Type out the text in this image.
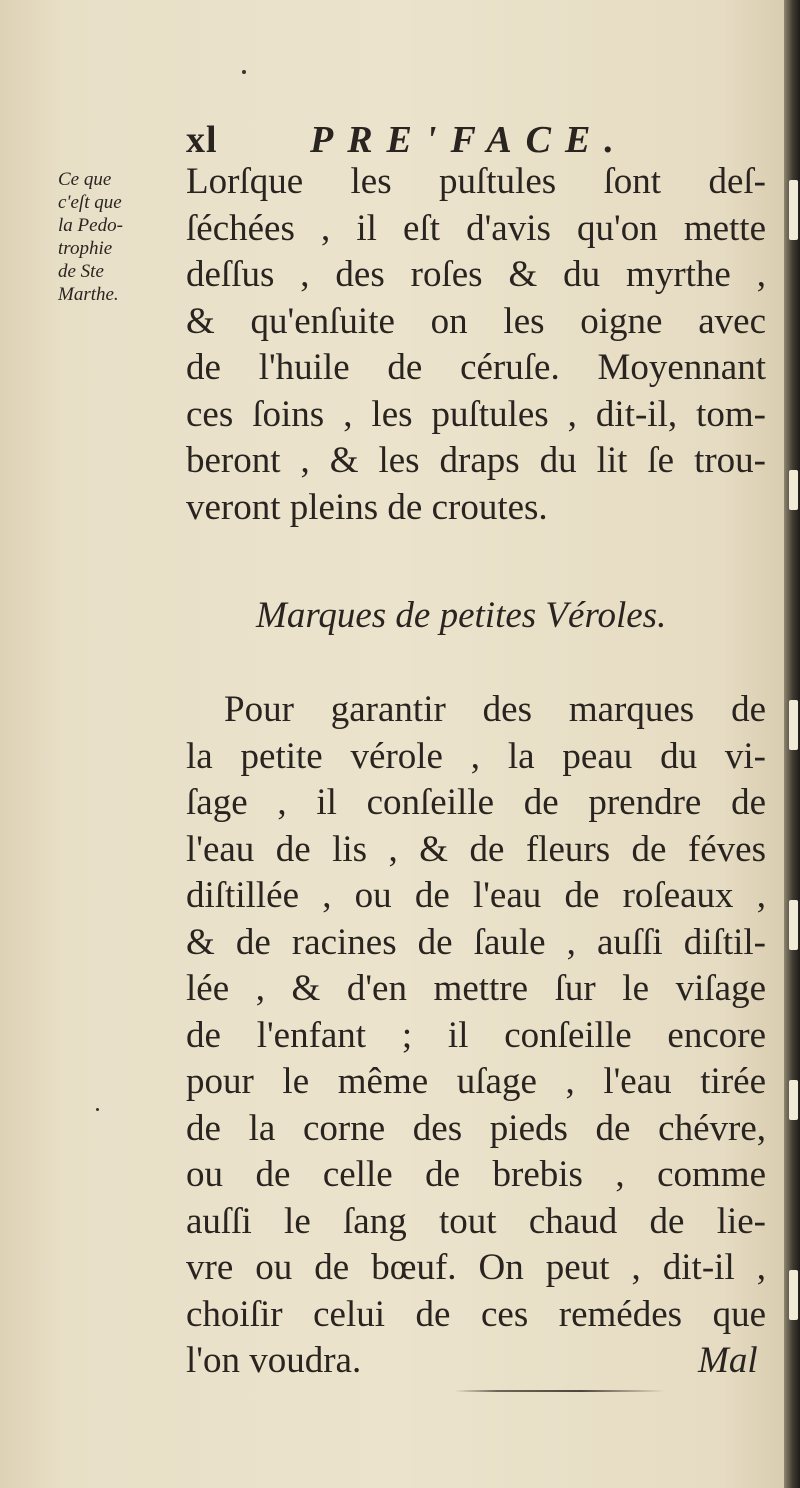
xl PRE'FACE.
Ce que
c'eſt que
la Pedo-
trophie
de Ste
Marthe.
Lorſque les puſtules ſont deſ-
ſéchées , il eſt d'avis qu'on mette
deſſus , des roſes & du myrthe ,
& qu'enſuite on les oigne avec
de l'huile de céruſe. Moyennant
ces ſoins , les puſtules , dit-il, tom-
beront , & les draps du lit ſe trou-
veront pleins de croutes.
Marques de petites Véroles.
Pour garantir des marques de
la petite vérole , la peau du vi-
ſage , il conſeille de prendre de
l'eau de lis , & de fleurs de féves
diſtillée , ou de l'eau de roſeaux ,
& de racines de ſaule , auſſi diſtil-
lée , & d'en mettre ſur le viſage
de l'enfant ; il conſeille encore
pour le même uſage , l'eau tirée
de la corne des pieds de chévre,
ou de celle de brebis , comme
auſſi le ſang tout chaud de lie-
vre ou de bœuf. On peut , dit-il ,
choiſir celui de ces remédes que
l'on voudra.	Mal
